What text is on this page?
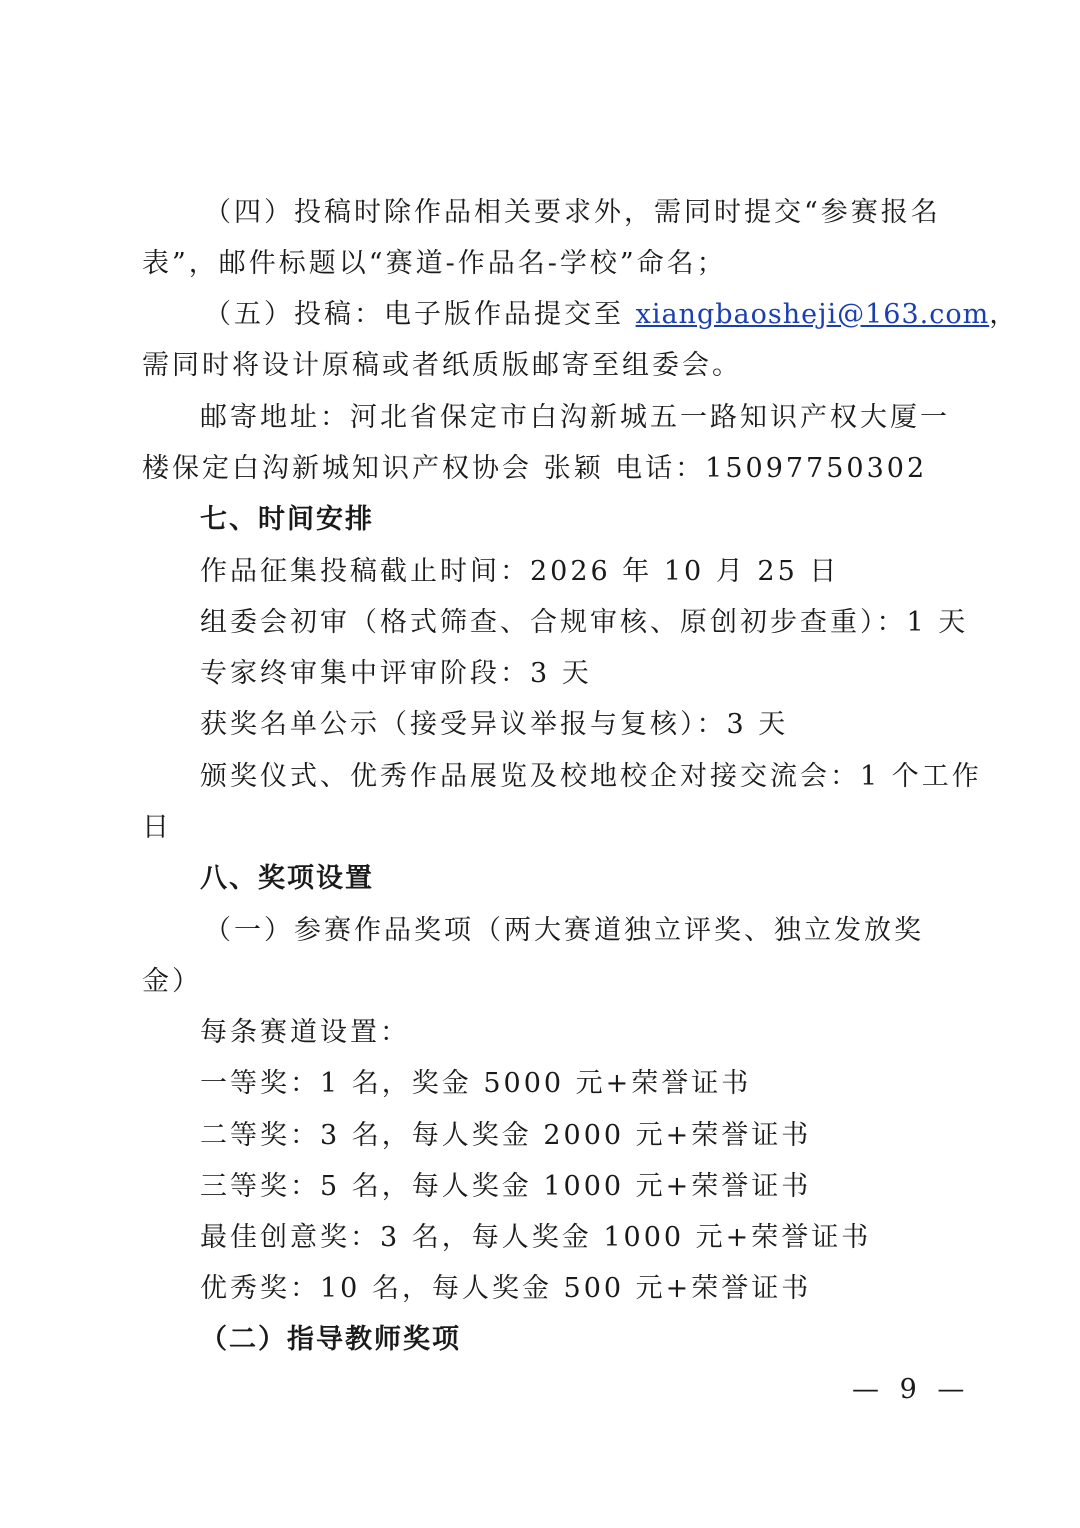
（四）投稿时除作品相关要求外，需同时提交“参赛报名
表”，邮件标题以“赛道-作品名-学校”命名；
（五）投稿：电子版作品提交至 xiangbaosheji@163.com，
需同时将设计原稿或者纸质版邮寄至组委会。
邮寄地址：河北省保定市白沟新城五一路知识产权大厦一
楼保定白沟新城知识产权协会 张颖 电话：15097750302
七、时间安排
作品征集投稿截止时间：2026 年 10 月 25 日
组委会初审（格式筛查、合规审核、原创初步查重）：1 天
专家终审集中评审阶段：3 天
获奖名单公示（接受异议举报与复核）：3 天
颁奖仪式、优秀作品展览及校地校企对接交流会：1 个工作
日
八、奖项设置
（一）参赛作品奖项（两大赛道独立评奖、独立发放奖
金）
每条赛道设置：
一等奖：1 名，奖金 5000 元+荣誉证书
二等奖：3 名，每人奖金 2000 元+荣誉证书
三等奖：5 名，每人奖金 1000 元+荣誉证书
最佳创意奖：3 名，每人奖金 1000 元+荣誉证书
优秀奖：10 名，每人奖金 500 元+荣誉证书
（二）指导教师奖项
— 9 —
